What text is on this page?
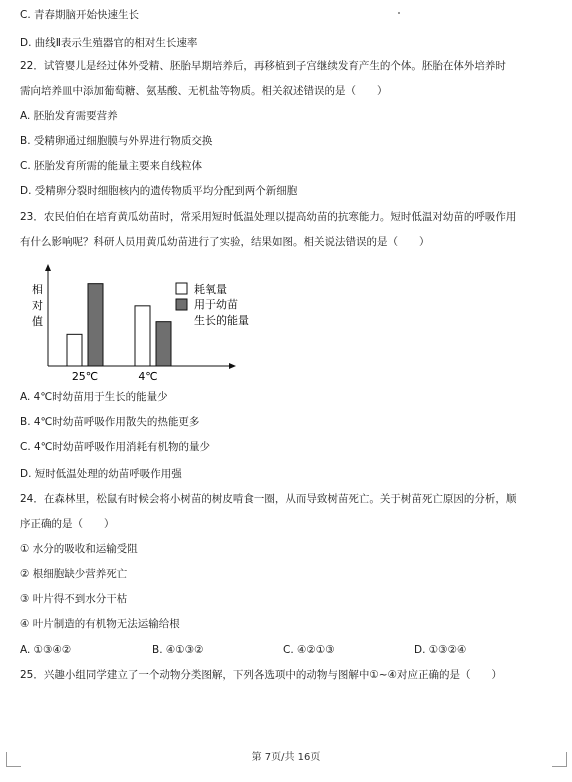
C. 青春期脑开始快速生长
D. 曲线Ⅱ表示生殖器官的相对生长速率
22．试管婴儿是经过体外受精、胚胎早期培养后，再移植到子宫继续发育产生的个体。胚胎在体外培养时
需向培养皿中添加葡萄糖、氨基酸、无机盐等物质。相关叙述错误的是（　　）
A. 胚胎发育需要营养
B. 受精卵通过细胞膜与外界进行物质交换
C. 胚胎发育所需的能量主要来自线粒体
D. 受精卵分裂时细胞核内的遗传物质平均分配到两个新细胞
23．农民伯伯在培育黄瓜幼苗时，常采用短时低温处理以提高幼苗的抗寒能力。短时低温对幼苗的呼吸作用
有什么影响呢？科研人员用黄瓜幼苗进行了实验，结果如图。相关说法错误的是（　　）
相
对
值
25℃	4℃
耗氧量
用于幼苗
生长的能量
A. 4℃时幼苗用于生长的能量少
B. 4℃时幼苗呼吸作用散失的热能更多
C. 4℃时幼苗呼吸作用消耗有机物的量少
D. 短时低温处理的幼苗呼吸作用强
24．在森林里，松鼠有时候会将小树苗的树皮啃食一圈，从而导致树苗死亡。关于树苗死亡原因的分析，顺
序正确的是（　　）
① 水分的吸收和运输受阻
② 根细胞缺少营养死亡
③ 叶片得不到水分干枯
④ 叶片制造的有机物无法运输给根
A. ①③④②	B. ④①③②	C. ④②①③	D. ①③②④
25．兴趣小组同学建立了一个动物分类图解，下列各选项中的动物与图解中①~④对应正确的是（　　）
第 7页/共 16页
